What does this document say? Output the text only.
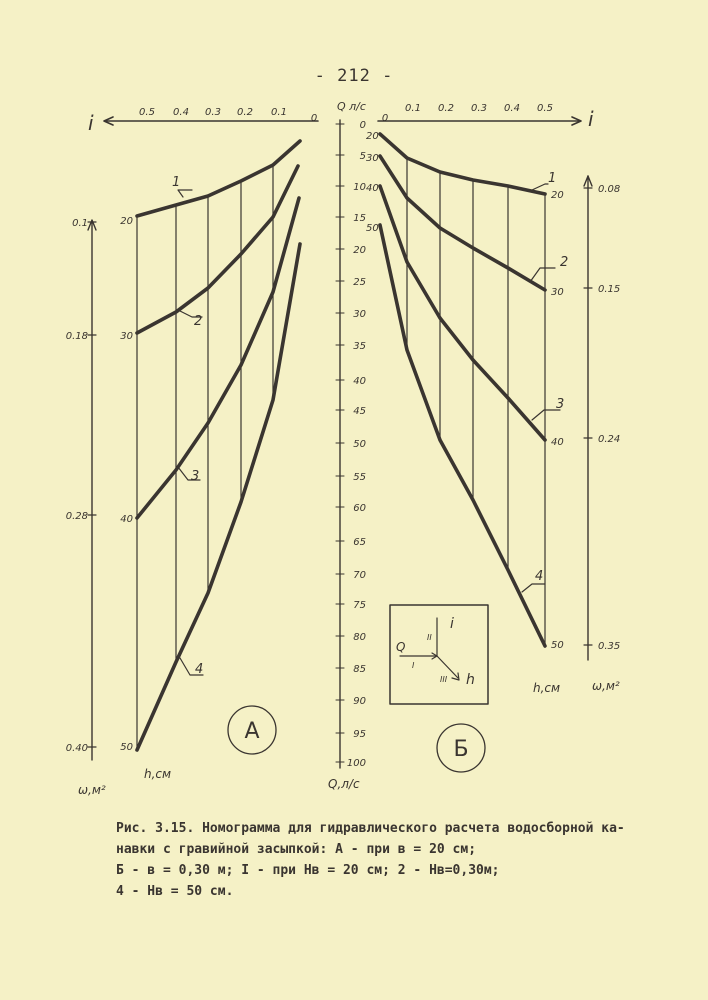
- 212 -
i	0.5 0.4 0.3 0.2 0.1
0
0.1
0.18
0.28
0.40
ω,м²
20
30
40
50
h,см
1
2
3
4
А
Q л/с
0
5
10
15
20
25
30
35
40
45
50
55
60
65
70
75
80
85
90
95
100
Q,л/с
0
0.1 0.2 0.3 0.4 0.5 i
20
30
40
50
20
30
40
50
h,см
0.08
0.15
0.24
0.35
ω,м²
1
2
3
4
Б
Q
i
h
I
II
III
Рис. 3.15. Номограмма для гидравлического расчета водосборной ка-
навки с гравийной засыпкой: А - при в = 20 см;
Б - в = 0,30 м; I - при Hв = 20 см; 2 - Hв=0,30м;
4 - Hв = 50 см.
